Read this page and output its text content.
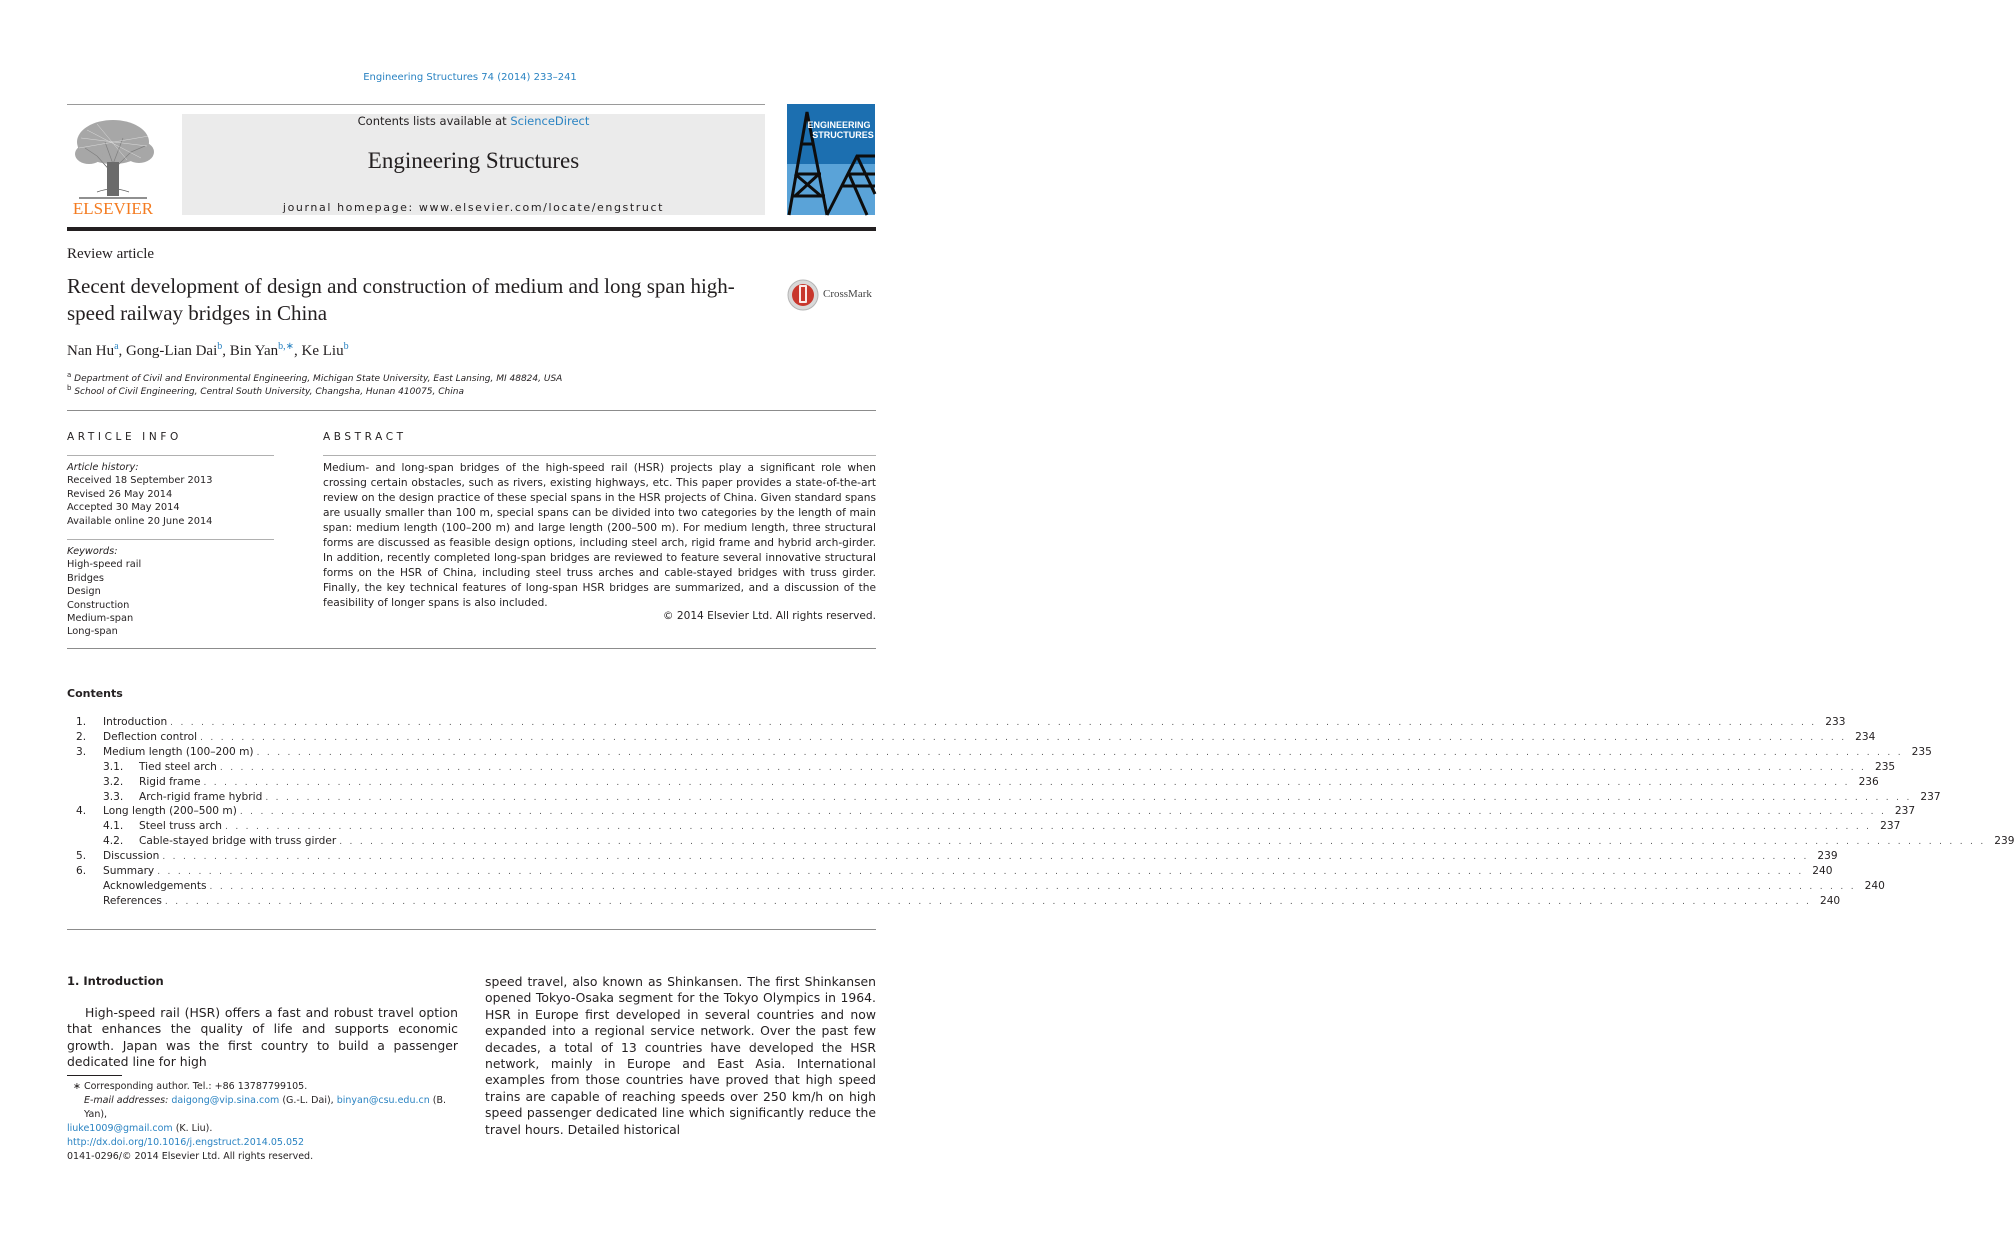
Engineering Structures 74 (2014) 233–241
Contents lists available at ScienceDirect
Engineering Structures
journal homepage: www.elsevier.com/locate/engstruct
ELSEVIER
ENGINEERING
STRUCTURES
Review article
Recent development of design and construction of medium and long span high-speed railway bridges in China
CrossMark
Nan Hu$^a$, Gong-Lian Dai$^b$, Bin Yan$^{b,∗}$, Ke Liu$^b$
$^a$ Department of Civil and Environmental Engineering, Michigan State University, East Lansing, MI 48824, USA
$^b$ School of Civil Engineering, Central South University, Changsha, Hunan 410075, China
ARTICLE INFO
Article history:
Received 18 September 2013
Revised 26 May 2014
Accepted 30 May 2014
Available online 20 June 2014
Keywords:
High-speed rail
Bridges
Design
Construction
Medium-span
Long-span
ABSTRACT
Medium- and long-span bridges of the high-speed rail (HSR) projects play a significant role when crossing certain obstacles, such as rivers, existing highways, etc. This paper provides a state-of-the-art review on the design practice of these special spans in the HSR projects of China. Given standard spans are usually smaller than 100 m, special spans can be divided into two categories by the length of main span: medium length (100–200 m) and large length (200–500 m). For medium length, three structural forms are discussed as feasible design options, including steel arch, rigid frame and hybrid arch-girder. In addition, recently completed long-span bridges are reviewed to feature several innovative structural forms on the HSR of China, including steel truss arches and cable-stayed bridges with truss girder. Finally, the key technical features of long-span HSR bridges are summarized, and a discussion of the feasibility of longer spans is also included.
© 2014 Elsevier Ltd. All rights reserved.
Contents
1.	Introduction . . . . . . . . . . . . . . . . . . . . . . . . . . . . . . . . . . . . . . . . . . . . . . . . . . . . . . . . . . . . . . . . . . . . . . . . . . . . . . . . . . . . . . . . . . . . . . . . . . . . . . . . . . . . . . . . . . . . . . . . . . . . . . . . . . . . . . . . . . . . . . . . . . . . . . . . . . . . . . . . 233
2.	Deflection control . . . . . . . . . . . . . . . . . . . . . . . . . . . . . . . . . . . . . . . . . . . . . . . . . . . . . . . . . . . . . . . . . . . . . . . . . . . . . . . . . . . . . . . . . . . . . . . . . . . . . . . . . . . . . . . . . . . . . . . . . . . . . . . . . . . . . . . . . . . . . . . . . . . . . . . . . . . . . . . . 234
3.	Medium length (100–200 m) . . . . . . . . . . . . . . . . . . . . . . . . . . . . . . . . . . . . . . . . . . . . . . . . . . . . . . . . . . . . . . . . . . . . . . . . . . . . . . . . . . . . . . . . . . . . . . . . . . . . . . . . . . . . . . . . . . . . . . . . . . . . . . . . . . . . . . . . . . . . . . . . . . . . . . . . . . . . . . . . 235
3.1.	Tied steel arch . . . . . . . . . . . . . . . . . . . . . . . . . . . . . . . . . . . . . . . . . . . . . . . . . . . . . . . . . . . . . . . . . . . . . . . . . . . . . . . . . . . . . . . . . . . . . . . . . . . . . . . . . . . . . . . . . . . . . . . . . . . . . . . . . . . . . . . . . . . . . . . . . . . . . . . . . . . . . . . . 235
3.2.	Rigid frame . . . . . . . . . . . . . . . . . . . . . . . . . . . . . . . . . . . . . . . . . . . . . . . . . . . . . . . . . . . . . . . . . . . . . . . . . . . . . . . . . . . . . . . . . . . . . . . . . . . . . . . . . . . . . . . . . . . . . . . . . . . . . . . . . . . . . . . . . . . . . . . . . . . . . . . . . . . . . . . . 236
3.3.	Arch-rigid frame hybrid . . . . . . . . . . . . . . . . . . . . . . . . . . . . . . . . . . . . . . . . . . . . . . . . . . . . . . . . . . . . . . . . . . . . . . . . . . . . . . . . . . . . . . . . . . . . . . . . . . . . . . . . . . . . . . . . . . . . . . . . . . . . . . . . . . . . . . . . . . . . . . . . . . . . . . . . . . . . . . . . 237
4.	Long length (200–500 m) . . . . . . . . . . . . . . . . . . . . . . . . . . . . . . . . . . . . . . . . . . . . . . . . . . . . . . . . . . . . . . . . . . . . . . . . . . . . . . . . . . . . . . . . . . . . . . . . . . . . . . . . . . . . . . . . . . . . . . . . . . . . . . . . . . . . . . . . . . . . . . . . . . . . . . . . . . . . . . . . 237
4.1.	Steel truss arch . . . . . . . . . . . . . . . . . . . . . . . . . . . . . . . . . . . . . . . . . . . . . . . . . . . . . . . . . . . . . . . . . . . . . . . . . . . . . . . . . . . . . . . . . . . . . . . . . . . . . . . . . . . . . . . . . . . . . . . . . . . . . . . . . . . . . . . . . . . . . . . . . . . . . . . . . . . . . . . . 237
4.2.	Cable-stayed bridge with truss girder . . . . . . . . . . . . . . . . . . . . . . . . . . . . . . . . . . . . . . . . . . . . . . . . . . . . . . . . . . . . . . . . . . . . . . . . . . . . . . . . . . . . . . . . . . . . . . . . . . . . . . . . . . . . . . . . . . . . . . . . . . . . . . . . . . . . . . . . . . . . . . . . . . . . . . . . . . . . . . . . 239
5.	Discussion . . . . . . . . . . . . . . . . . . . . . . . . . . . . . . . . . . . . . . . . . . . . . . . . . . . . . . . . . . . . . . . . . . . . . . . . . . . . . . . . . . . . . . . . . . . . . . . . . . . . . . . . . . . . . . . . . . . . . . . . . . . . . . . . . . . . . . . . . . . . . . . . . . . . . . . . . . . . . . . . 239
6.	Summary . . . . . . . . . . . . . . . . . . . . . . . . . . . . . . . . . . . . . . . . . . . . . . . . . . . . . . . . . . . . . . . . . . . . . . . . . . . . . . . . . . . . . . . . . . . . . . . . . . . . . . . . . . . . . . . . . . . . . . . . . . . . . . . . . . . . . . . . . . . . . . . . . . . . . . . . . . . . . . . . 240
Acknowledgements . . . . . . . . . . . . . . . . . . . . . . . . . . . . . . . . . . . . . . . . . . . . . . . . . . . . . . . . . . . . . . . . . . . . . . . . . . . . . . . . . . . . . . . . . . . . . . . . . . . . . . . . . . . . . . . . . . . . . . . . . . . . . . . . . . . . . . . . . . . . . . . . . . . . . . . . . . . . . . . . 240
References . . . . . . . . . . . . . . . . . . . . . . . . . . . . . . . . . . . . . . . . . . . . . . . . . . . . . . . . . . . . . . . . . . . . . . . . . . . . . . . . . . . . . . . . . . . . . . . . . . . . . . . . . . . . . . . . . . . . . . . . . . . . . . . . . . . . . . . . . . . . . . . . . . . . . . . . . . . . . . . . 240
1. Introduction

High-speed rail (HSR) offers a fast and robust travel option that enhances the quality of life and supports economic growth. Japan was the first country to build a passenger dedicated line for high

speed travel, also known as Shinkansen. The first Shinkansen opened Tokyo-Osaka segment for the Tokyo Olympics in 1964. HSR in Europe first developed in several countries and now expanded into a regional service network. Over the past few decades, a total of 13 countries have developed the HSR network, mainly in Europe and East Asia. International examples from those countries have proved that high speed trains are capable of reaching speeds over 250 km/h on high speed passenger dedicated line which significantly reduce the travel hours. Detailed historical

∗ Corresponding author. Tel.: +86 13787799105.
E-mail addresses: daigong@vip.sina.com (G.-L. Dai), binyan@csu.edu.cn (B. Yan),
liuke1009@gmail.com (K. Liu).
http://dx.doi.org/10.1016/j.engstruct.2014.05.052
0141-0296/© 2014 Elsevier Ltd. All rights reserved.
